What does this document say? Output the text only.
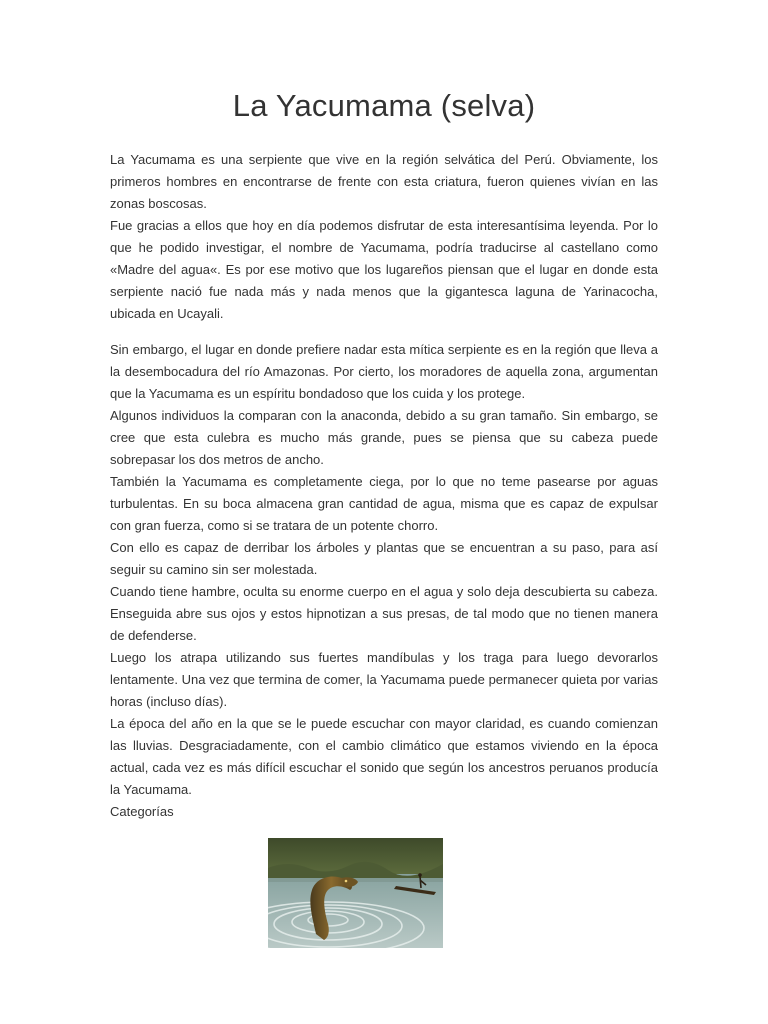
La Yacumama (selva)

La Yacumama es una serpiente que vive en la región selvática del Perú. Obviamente, los primeros hombres en encontrarse de frente con esta criatura, fueron quienes vivían en las zonas boscosas.

Fue gracias a ellos que hoy en día podemos disfrutar de esta interesantísima leyenda. Por lo que he podido investigar, el nombre de Yacumama, podría traducirse al castellano como «Madre del agua«. Es por ese motivo que los lugareños piensan que el lugar en donde esta serpiente nació fue nada más y nada menos que la gigantesca laguna de Yarinacocha, ubicada en Ucayali.

Sin embargo, el lugar en donde prefiere nadar esta mítica serpiente es en la región que lleva a la desembocadura del río Amazonas. Por cierto, los moradores de aquella zona, argumentan que la Yacumama es un espíritu bondadoso que los cuida y los protege.

Algunos individuos la comparan con la anaconda, debido a su gran tamaño. Sin embargo, se cree que esta culebra es mucho más grande, pues se piensa que su cabeza puede sobrepasar los dos metros de ancho.

También la Yacumama es completamente ciega, por lo que no teme pasearse por aguas turbulentas. En su boca almacena gran cantidad de agua, misma que es capaz de expulsar con gran fuerza, como si se tratara de un potente chorro.

Con ello es capaz de derribar los árboles y plantas que se encuentran a su paso, para así seguir su camino sin ser molestada.

Cuando tiene hambre, oculta su enorme cuerpo en el agua y solo deja descubierta su cabeza. Enseguida abre sus ojos y estos hipnotizan a sus presas, de tal modo que no tienen manera de defenderse.

Luego los atrapa utilizando sus fuertes mandíbulas y los traga para luego devorarlos lentamente. Una vez que termina de comer, la Yacumama puede permanecer quieta por varias horas (incluso días).

La época del año en la que se le puede escuchar con mayor claridad, es cuando comienzan las lluvias. Desgraciadamente, con el cambio climático que estamos viviendo en la época actual, cada vez es más difícil escuchar el sonido que según los ancestros peruanos producía la Yacumama.

Categorías
